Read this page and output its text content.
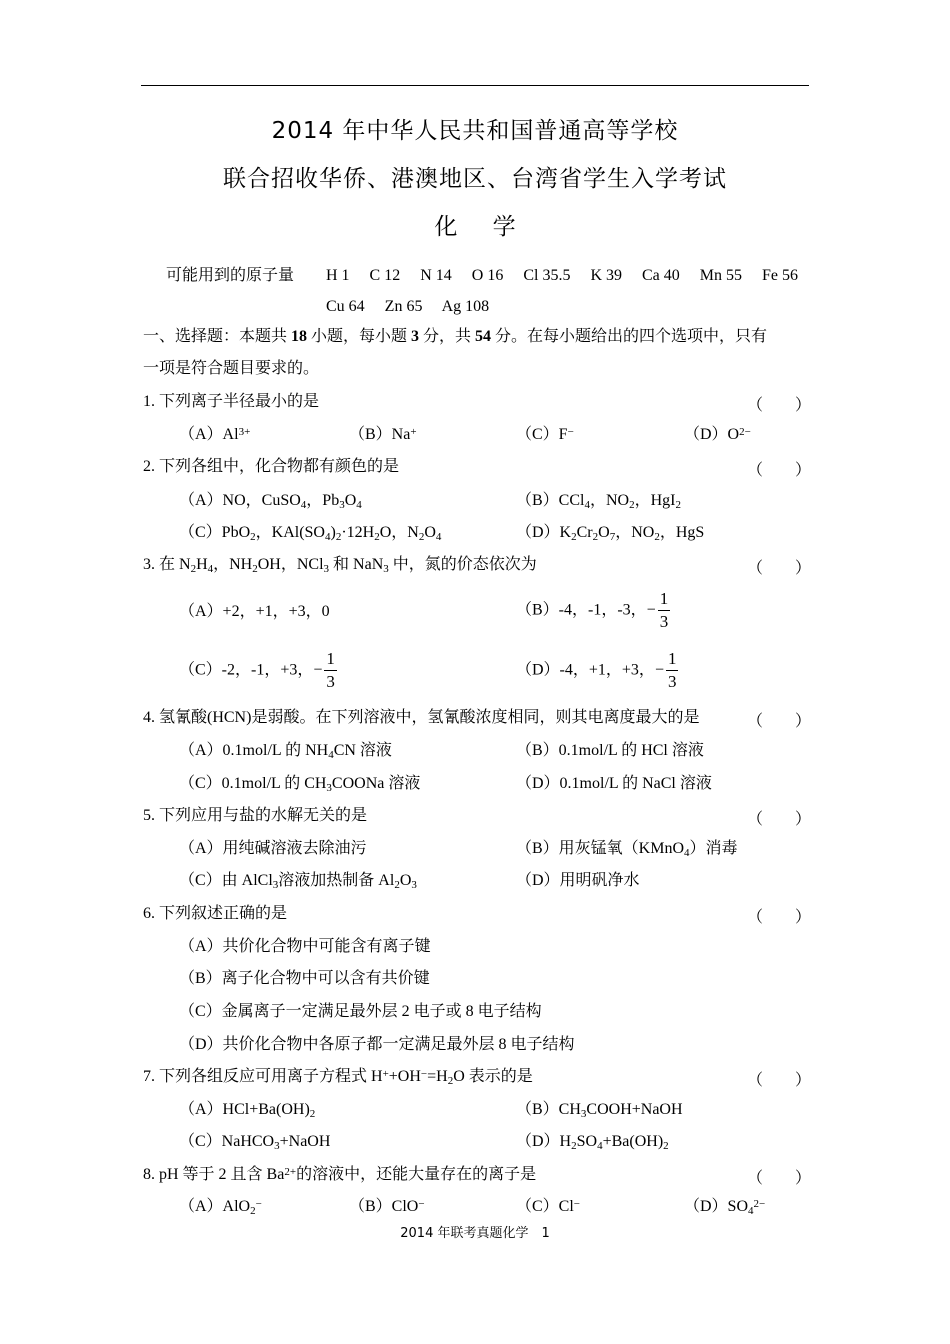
2014 年中华人民共和国普通高等学校
联合招收华侨、港澳地区、台湾省学生入学考试
化 学
可能用到的原子量 H 1　 C 12　 N 14　 O 16　 Cl 35.5　 K 39　 Ca 40　 Mn 55　 Fe 56
Cu 64　 Zn 65　 Ag 108
一、选择题：本题共 18 小题，每小题 3 分，共 54 分。在每小题给出的四个选项中，只有
一项是符合题目要求的。
1. 下列离子半径最小的是	（　　）
$(A)Al^{3+}$	（B）Na+	（C）F−	$(D)O^{2-}$
2. 下列各组中，化合物都有颜色的是	（　　）
（A）NO，CuSO$_4$，$Pb_3O_4$	（B）CCl$_4$，$NO_2$，HgI$_2$
（C）PbO$_2$，$KAl(SO_4)_2\cdot 12H_2O$，$N_2O_4$	$(D)K_2Cr_2O_7$，$NO_2$，HgS
3. 在 $N_2H_4$，$NH_2OH$，NCl$_3$ 和 NaN$_3$ 中，氮的价态依次为	（　　）
（A）+2，+1，+3，0	（B）-4，-1，-3，− $\frac{1}{3}$
（C）-2，-1，+3，− $\frac{1}{3}$	（D）-4，+1，+3，− $\frac{1}{3}$
4. 氢氰酸(HCN)是弱酸。在下列溶液中，氢氰酸浓度相同，则其电离度最大的是	（　　）
（A）0.1mol/L 的 $NH_4CN$ 溶液	（B）0.1mol/L 的 HCl 溶液
（C）0.1mol/L 的 $CH_3COONa$ 溶液	（D）0.1mol/L 的 NaCl 溶液
5. 下列应用与盐的水解无关的是	（　　）
（A）用纯碱溶液去除油污	（B）用灰锰氧（KMnO$_4$）消毒
（C）由 AlCl$_3$溶液加热制备 $Al_2O_3$	（D）用明矾净水
6. 下列叙述正确的是	（　　）
（A）共价化合物中可能含有离子键
（B）离子化合物中可以含有共价键
（C）金属离子一定满足最外层 2 电子或 8 电子结构
（D）共价化合物中各原子都一定满足最外层 8 电子结构
7. 下列各组反应可用离子方程式 $H^++OH^-=H_2O$ 表示的是	（　　）
$(A)HCl+Ba(OH)_2$	$(B)CH_3COOH+NaOH$
（C）NaHCO$_3$+NaOH	$(D)H_2SO_4+Ba(OH)_2$
8. pH 等于 2 且含 $Ba^{2+}$的溶液中，还能大量存在的离子是	（　　）
（A）AlO$_2$−	（B）ClO−	（C）Cl−	$(D)SO_4^{2-}$
2014 年联考真题化学　1
